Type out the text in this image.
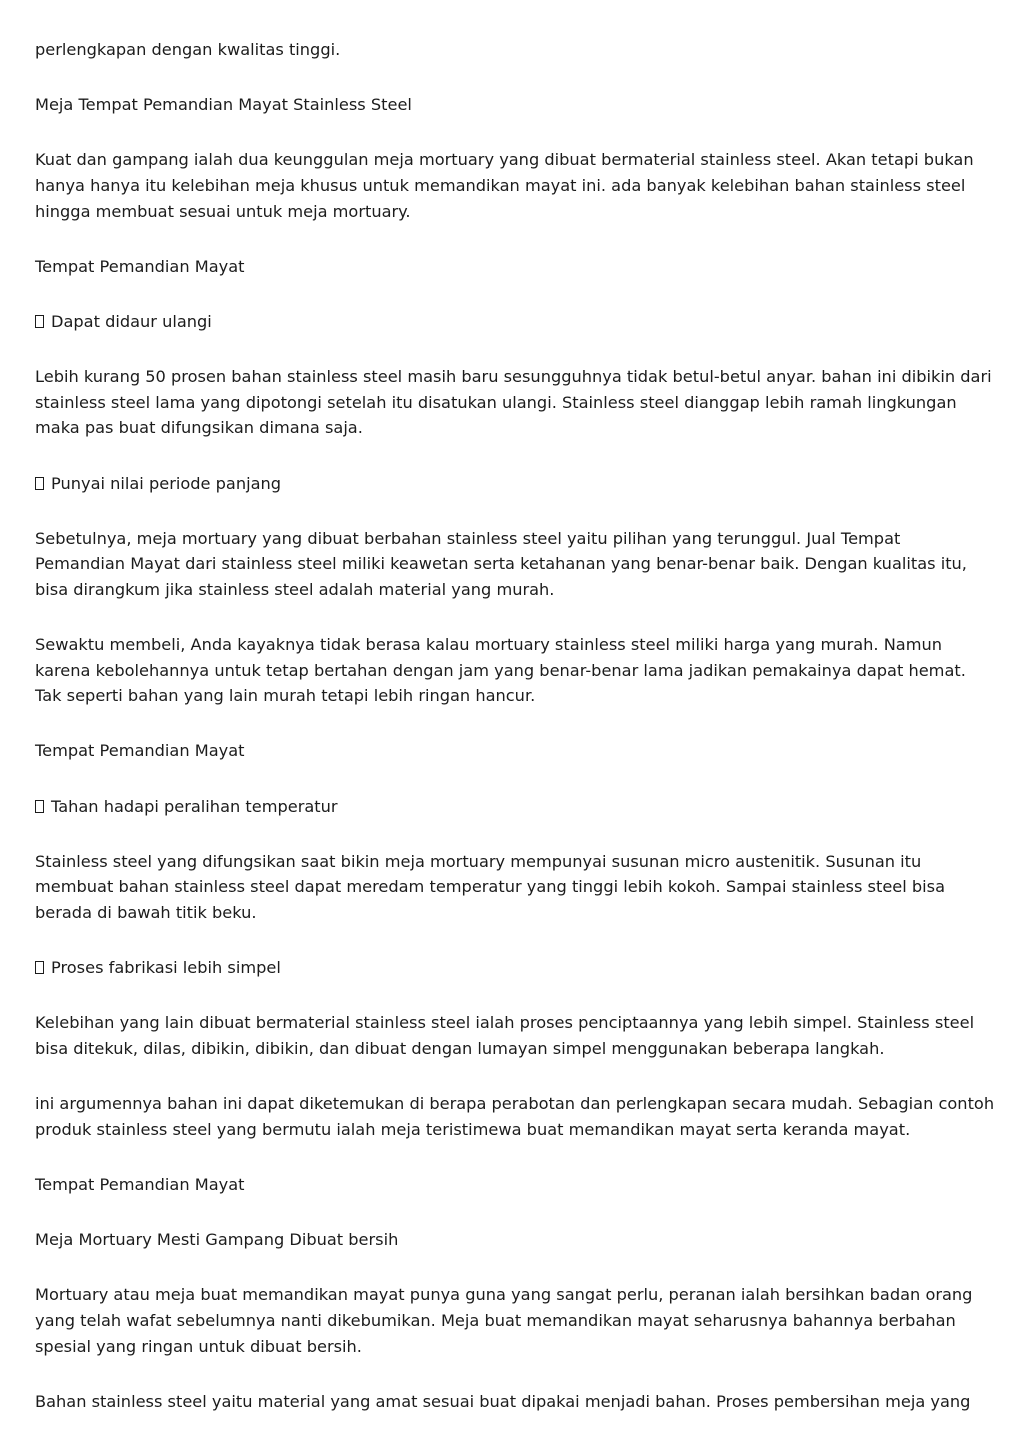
perlengkapan dengan kwalitas tinggi.

Meja Tempat Pemandian Mayat Stainless Steel

Kuat dan gampang ialah dua keunggulan meja mortuary yang dibuat bermaterial stainless steel. Akan tetapi bukan hanya hanya itu kelebihan meja khusus untuk memandikan mayat ini. ada banyak kelebihan bahan stainless steel hingga membuat sesuai untuk meja mortuary.

Tempat Pemandian Mayat

Dapat didaur ulangi

Lebih kurang 50 prosen bahan stainless steel masih baru sesungguhnya tidak betul-betul anyar. bahan ini dibikin dari stainless steel lama yang dipotongi setelah itu disatukan ulangi. Stainless steel dianggap lebih ramah lingkungan maka pas buat difungsikan dimana saja.

Punyai nilai periode panjang

Sebetulnya, meja mortuary yang dibuat berbahan stainless steel yaitu pilihan yang terunggul. Jual Tempat Pemandian Mayat dari stainless steel miliki keawetan serta ketahanan yang benar-benar baik. Dengan kualitas itu, bisa dirangkum jika stainless steel adalah material yang murah.

Sewaktu membeli, Anda kayaknya tidak berasa kalau mortuary stainless steel miliki harga yang murah. Namun karena kebolehannya untuk tetap bertahan dengan jam yang benar-benar lama jadikan pemakainya dapat hemat. Tak seperti bahan yang lain murah tetapi lebih ringan hancur.

Tempat Pemandian Mayat

Tahan hadapi peralihan temperatur

Stainless steel yang difungsikan saat bikin meja mortuary mempunyai susunan micro austenitik. Susunan itu membuat bahan stainless steel dapat meredam temperatur yang tinggi lebih kokoh. Sampai stainless steel bisa berada di bawah titik beku.

Proses fabrikasi lebih simpel

Kelebihan yang lain dibuat bermaterial stainless steel ialah proses penciptaannya yang lebih simpel. Stainless steel bisa ditekuk, dilas, dibikin, dibikin, dan dibuat dengan lumayan simpel menggunakan beberapa langkah.

ini argumennya bahan ini dapat diketemukan di berapa perabotan dan perlengkapan secara mudah. Sebagian contoh produk stainless steel yang bermutu ialah meja teristimewa buat memandikan mayat serta keranda mayat.

Tempat Pemandian Mayat

Meja Mortuary Mesti Gampang Dibuat bersih

Mortuary atau meja buat memandikan mayat punya guna yang sangat perlu, peranan ialah bersihkan badan orang yang telah wafat sebelumnya nanti dikebumikan. Meja buat memandikan mayat seharusnya bahannya berbahan spesial yang ringan untuk dibuat bersih.

Bahan stainless steel yaitu material yang amat sesuai buat dipakai menjadi bahan. Proses pembersihan meja yang
